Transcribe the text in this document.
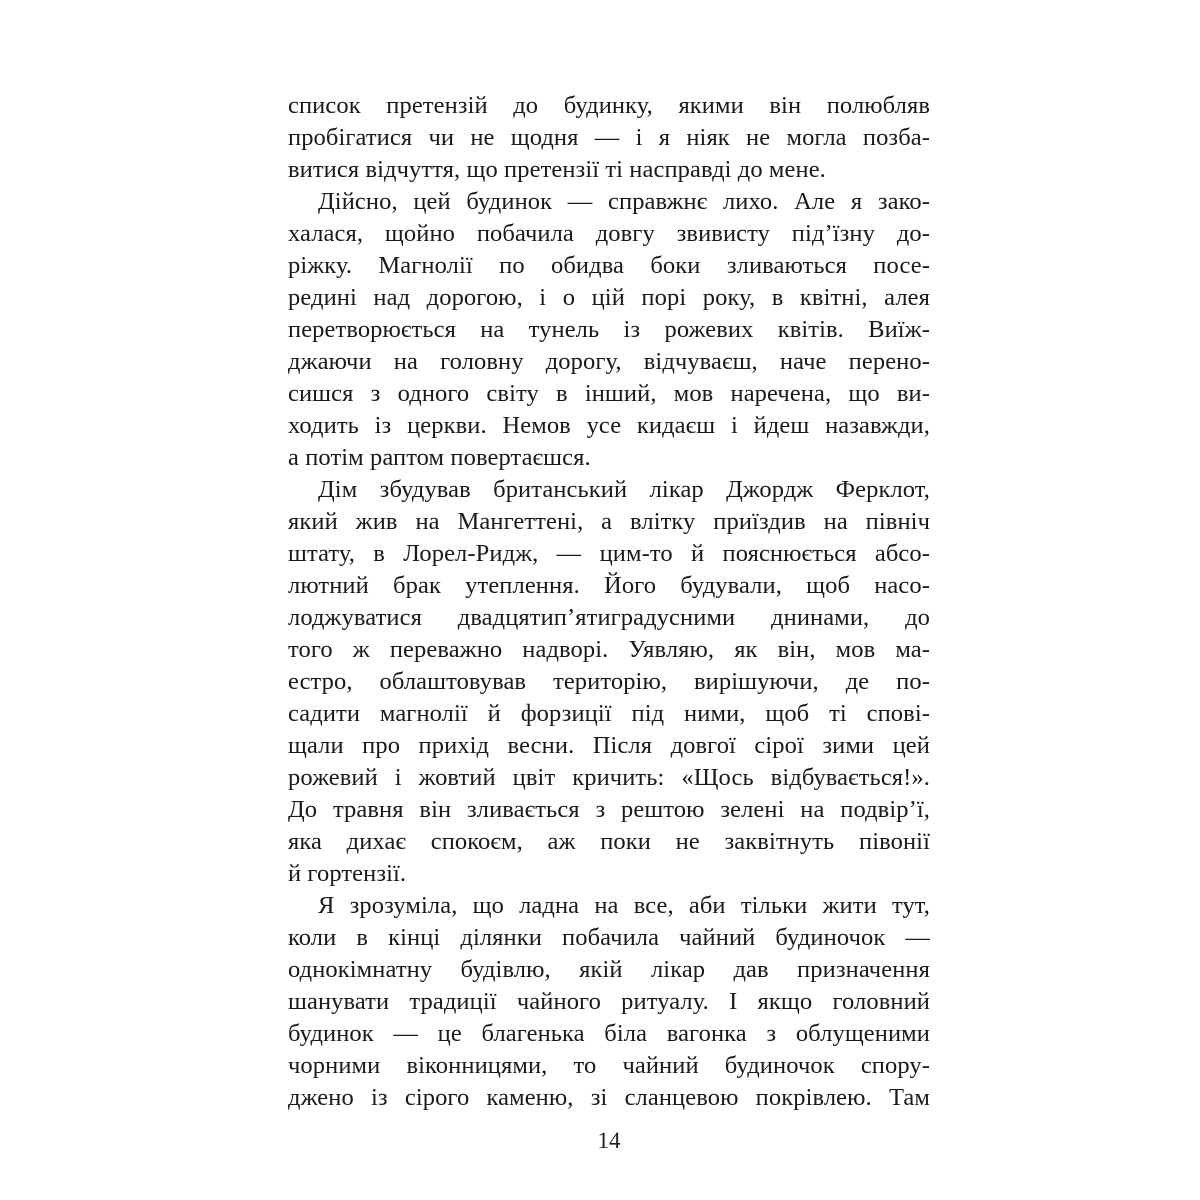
список претензій до будинку, якими він полюбляв
пробігатися чи не щодня — і я ніяк не могла позба-
витися відчуття, що претензії ті насправді до мене.
Дійсно, цей будинок — справжнє лихо. Але я зако-
халася, щойно побачила довгу звивисту під’їзну до-
ріжку. Магнолії по обидва боки зливаються посе-
редині над дорогою, і о цій порі року, в квітні, алея
перетворюється на тунель із рожевих квітів. Виїж-
джаючи на головну дорогу, відчуваєш, наче перено-
сишся з одного світу в інший, мов наречена, що ви-
ходить із церкви. Немов усе кидаєш і йдеш назавжди,
а потім раптом повертаєшся.
Дім збудував британський лікар Джордж Ферклот,
який жив на Мангеттені, а влітку приїздив на північ
штату, в Лорел-Ридж, — цим-то й пояснюється абсо-
лютний брак утеплення. Його будували, щоб насо-
лоджуватися двадцятип’ятиградусними днинами, до
того ж переважно надворі. Уявляю, як він, мов ма-
естро, облаштовував територію, вирішуючи, де по-
садити магнолії й форзиції під ними, щоб ті спові-
щали про прихід весни. Після довгої сірої зими цей
рожевий і жовтий цвіт кричить: «Щось відбувається!».
До травня він зливається з рештою зелені на подвір’ї,
яка дихає спокоєм, аж поки не заквітнуть півонії
й гортензії.
Я зрозуміла, що ладна на все, аби тільки жити тут,
коли в кінці ділянки побачила чайний будиночок —
однокімнатну будівлю, якій лікар дав призначення
шанувати традиції чайного ритуалу. І якщо головний
будинок — це благенька біла вагонка з облущеними
чорними віконницями, то чайний будиночок спору-
джено із сірого каменю, зі сланцевою покрівлею. Там
14
